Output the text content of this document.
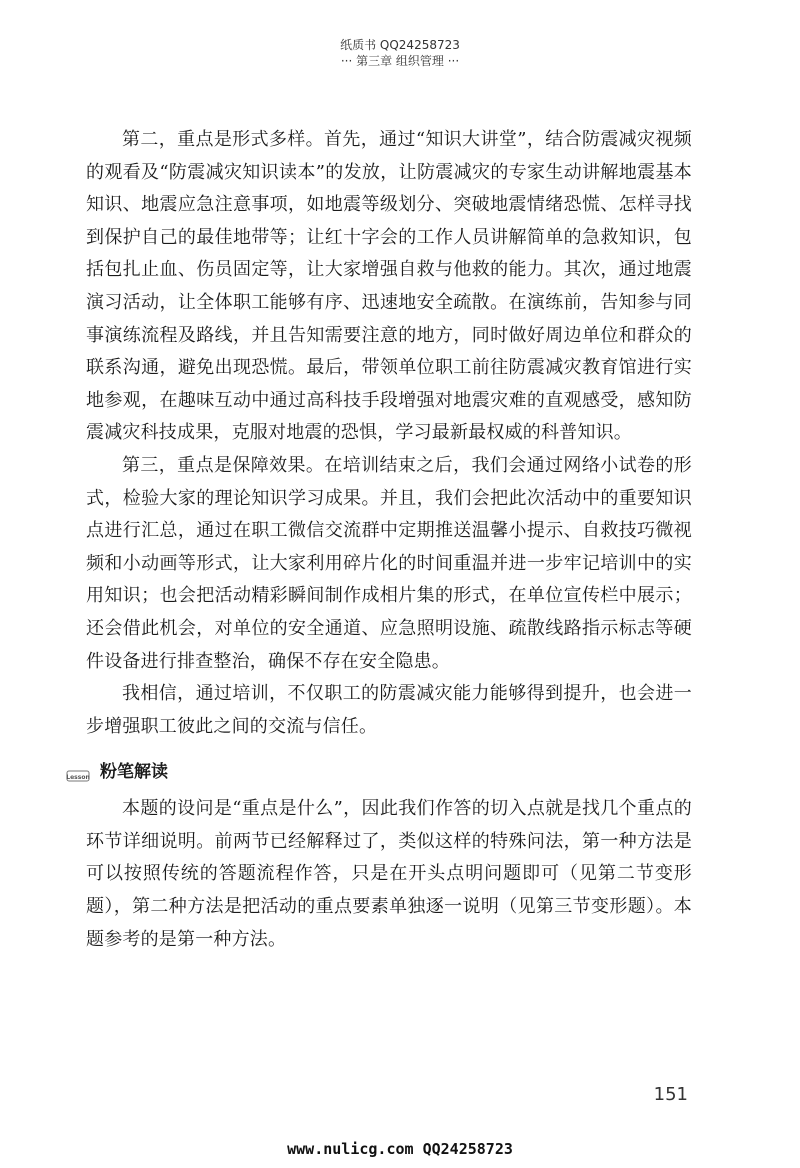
纸质书 QQ24258723
··· 第三章 组织管理 ···

第二，重点是形式多样。首先，通过“知识大讲堂”，结合防震减灾视频的观看及“防震减灾知识读本”的发放，让防震减灾的专家生动讲解地震基本知识、地震应急注意事项，如地震等级划分、突破地震情绪恐慌、怎样寻找到保护自己的最佳地带等；让红十字会的工作人员讲解简单的急救知识，包括包扎止血、伤员固定等，让大家增强自救与他救的能力。其次，通过地震演习活动，让全体职工能够有序、迅速地安全疏散。在演练前，告知参与同事演练流程及路线，并且告知需要注意的地方，同时做好周边单位和群众的联系沟通，避免出现恐慌。最后，带领单位职工前往防震减灾教育馆进行实地参观，在趣味互动中通过高科技手段增强对地震灾难的直观感受，感知防震减灾科技成果，克服对地震的恐惧，学习最新最权威的科普知识。

第三，重点是保障效果。在培训结束之后，我们会通过网络小试卷的形式，检验大家的理论知识学习成果。并且，我们会把此次活动中的重要知识点进行汇总，通过在职工微信交流群中定期推送温馨小提示、自救技巧微视频和小动画等形式，让大家利用碎片化的时间重温并进一步牢记培训中的实用知识；也会把活动精彩瞬间制作成相片集的形式，在单位宣传栏中展示；还会借此机会，对单位的安全通道、应急照明设施、疏散线路指示标志等硬件设备进行排查整治，确保不存在安全隐患。

我相信，通过培训，不仅职工的防震减灾能力能够得到提升，也会进一步增强职工彼此之间的交流与信任。

Lesson 粉笔解读

本题的设问是“重点是什么”，因此我们作答的切入点就是找几个重点的环节详细说明。前两节已经解释过了，类似这样的特殊问法，第一种方法是可以按照传统的答题流程作答，只是在开头点明问题即可（见第二节变形题），第二种方法是把活动的重点要素单独逐一说明（见第三节变形题）。本题参考的是第一种方法。

151
www.nulicg.com QQ24258723
